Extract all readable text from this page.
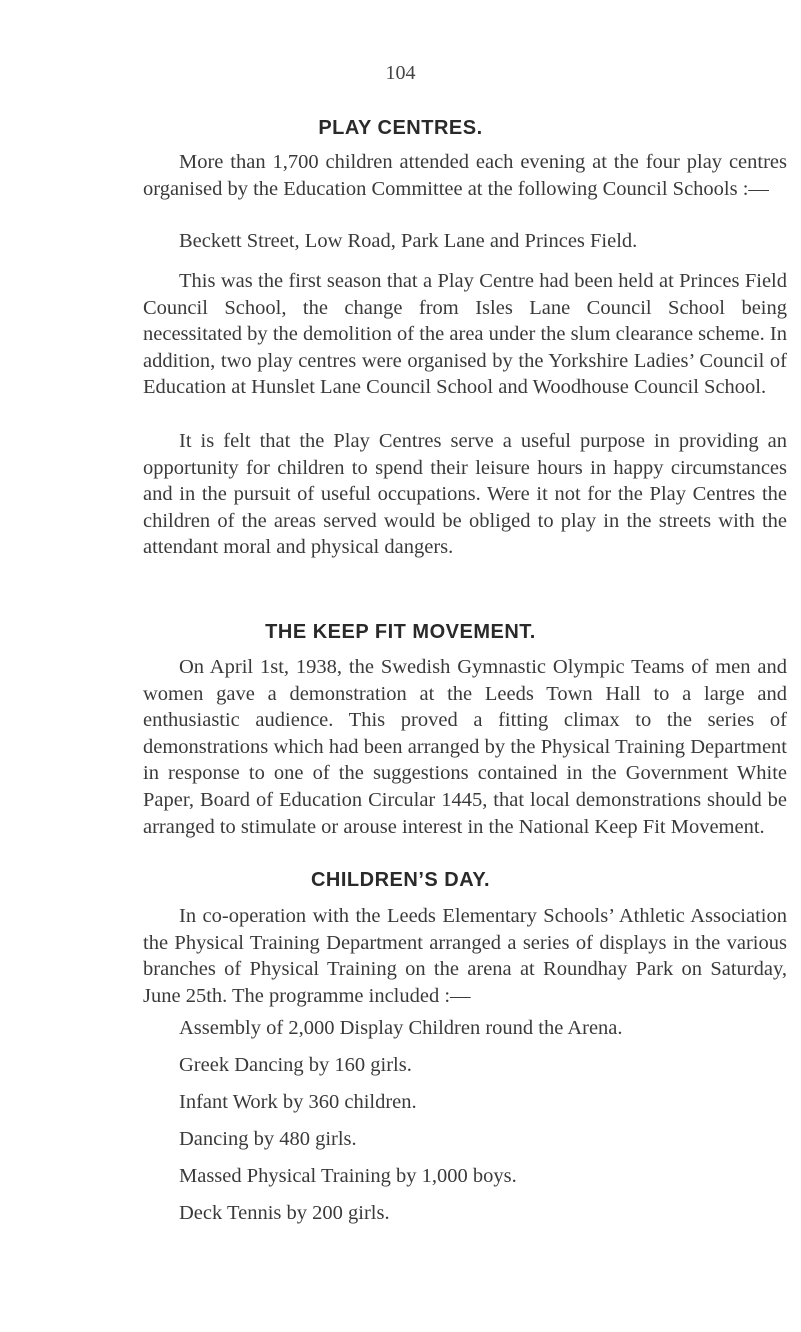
104
PLAY CENTRES.

More than 1,700 children attended each evening at the four play centres organised by the Education Committee at the following Council Schools :—

Beckett Street, Low Road, Park Lane and Princes Field.

This was the first season that a Play Centre had been held at Princes Field Council School, the change from Isles Lane Council School being necessitated by the demolition of the area under the slum clearance scheme. In addition, two play centres were organised by the Yorkshire Ladies’ Council of Education at Hunslet Lane Council School and Woodhouse Council School.

It is felt that the Play Centres serve a useful purpose in providing an opportunity for children to spend their leisure hours in happy circumstances and in the pursuit of useful occupations. Were it not for the Play Centres the children of the areas served would be obliged to play in the streets with the attendant moral and physical dangers.

THE KEEP FIT MOVEMENT.

On April 1st, 1938, the Swedish Gymnastic Olympic Teams of men and women gave a demonstration at the Leeds Town Hall to a large and enthusiastic audience. This proved a fitting climax to the series of demonstrations which had been arranged by the Physical Training Department in response to one of the suggestions contained in the Government White Paper, Board of Education Circular 1445, that local demonstrations should be arranged to stimulate or arouse interest in the National Keep Fit Movement.

CHILDREN’S DAY.

In co-operation with the Leeds Elementary Schools’ Athletic Association the Physical Training Department arranged a series of displays in the various branches of Physical Training on the arena at Roundhay Park on Saturday, June 25th. The programme included :—

Assembly of 2,000 Display Children round the Arena.
Greek Dancing by 160 girls.
Infant Work by 360 children.
Dancing by 480 girls.
Massed Physical Training by 1,000 boys.
Deck Tennis by 200 girls.
